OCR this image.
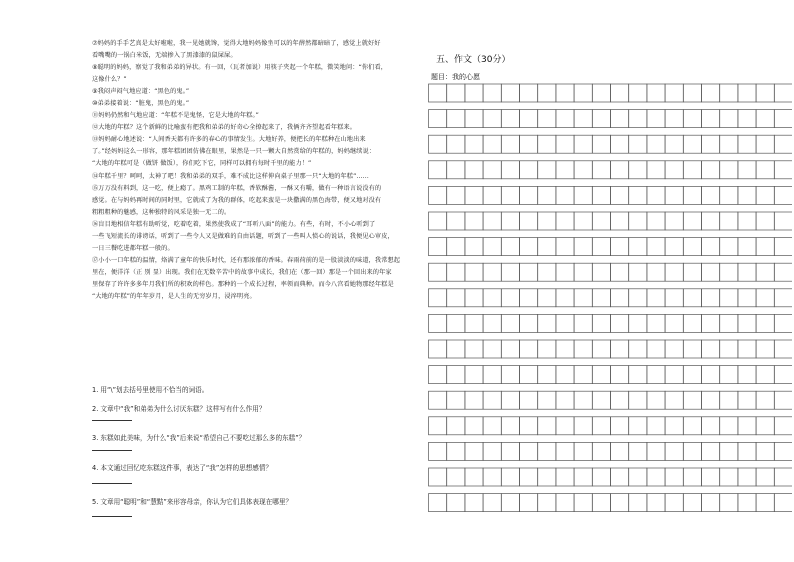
⑦妈妈的手手艺真是太好啦啦，我一见她就馋，觉得大地妈妈像坐可以的年薛然都暗暗了，感觉上就好好
看嘴嘴的一锅白米饭，无端掺入了黑漆漆的鼠屎屎。
⑧聪明的妈妈，察觉了我和弟弟的异状。有一回，（瓦者加说）用筷子夹起一个年糕，微笑地问：“你们看，
这像什么？”
⑨我闷声闷气地应道：“黑色的鬼。”
⑩弟弟接着说：“脏鬼，黑色的鬼。”
⑪妈妈仍然和气地应道：“年糕不是鬼怪，它是大地的年糕。”
⑫大地的年糕？这个新鲜的比喻蛮有把我和弟弟的好奇心全撩起来了，我俩齐齐望起看年糕来。
⑬妈妈耐心地述说：“人间香天都有许多的春心的事情发生。大地好养，便把长的年糕种在山地出来
了。”经妈妈这么一形容，那年糕团团仿佛在眼里，果然是一只一颗大自然赏给的年糕的，妈妈继续说：
“大地的年糕可是（做饼 做饭），你们吃下它，同样可以拥有每时千里的能力！”
⑭年糕千里？呵呵，太神了吧！我和弟弟的双手，难不成比这样伸向桌子里那一只“大地的年糕”……
⑮万万没有料到，这一吃，便上瘾了。黑鸡工制的年糕，香软酥酱，一酥又有嚼，做有一种语言说没有的
感觉。在与妈妈再时间的同时里，它就成了为我的群体，吃起来蛮是一块撒满的黑色海带，便又地对没有
粗粗粗种的魅感，这种独特的风采是独一无二的。
⑯盲目地相信年糕有助听觉，吃着吃着，果然使我成了“耳听八面”的能力。有些，有时，不小心听到了
一些飞短流长的诽谤话，听到了一些令人又是做难的自由话题，听到了一些叫人愤心的说话，我便见心审皮，
一日三餐吃进都年糕一般的。
⑰小小一口年糕的温情，烙满了童年的快乐时代，还有那浓郁的香味。春雨荷前的是一股淡淡的味道，我常想起
里在，便洋洋（正 别 显）出现。我们在无数辛苦中的故事中成长，我们在（那一回）那是一个回出来的年家
里保存了许许多多年月我们所的积欢的样色。那种的一个成长过程，率领而典种。而今八宫看她物那经年糕是
“大地的年糕”的年年岁月，是人生的无穷岁月，浸淬明亮。
1. 用“\”划去括号里使用不恰当的词语。
2. 文章中“我”和弟弟为什么讨厌东糕？这样写有什么作用？
3. 东糕如此美味，为什么“我”后来说“希望自己不要吃过那么多的东糕”？
4. 本文通过回忆吃东糕这件事，表达了“我”怎样的思想感情？
5. 文章用“聪明”和“慧黠”来形容母亲，你认为它们具体表现在哪里？
五、作文（30分）
题目：我的心愿
